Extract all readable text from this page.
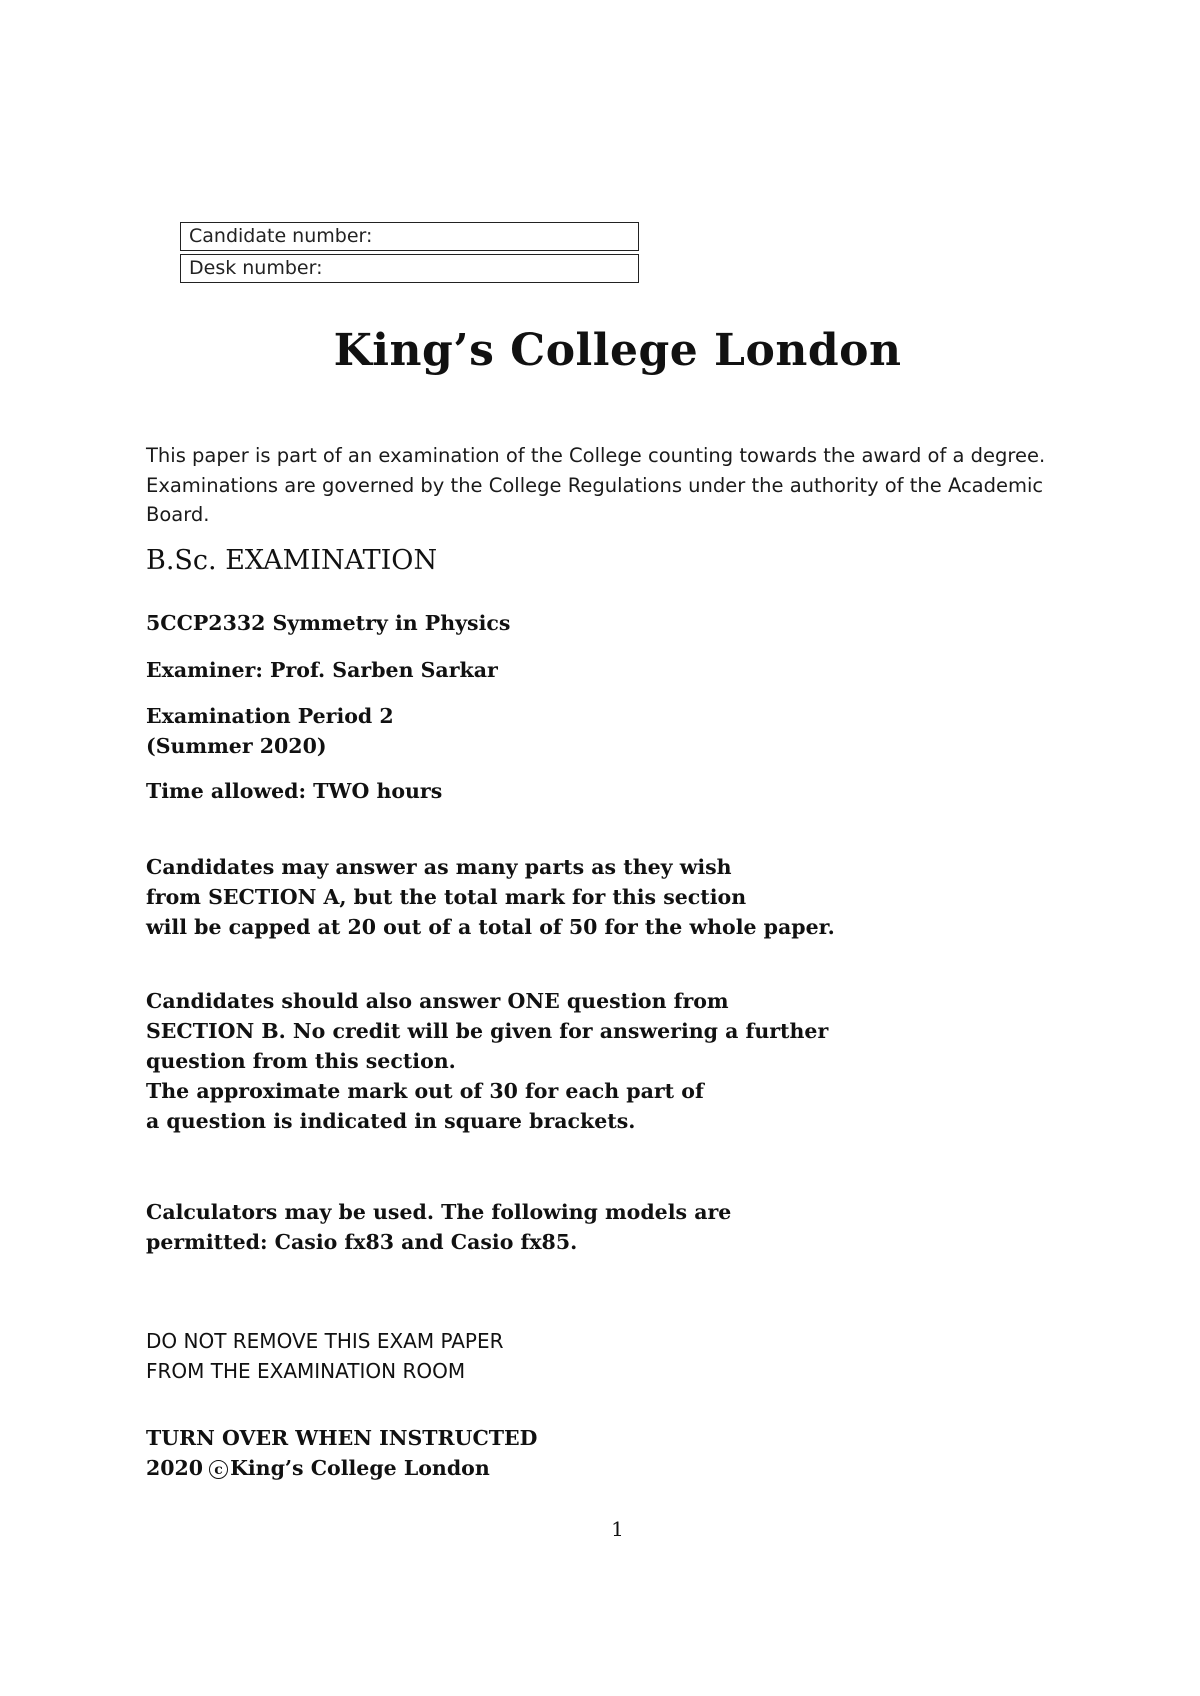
Candidate number:
Desk number:
King’s College London
This paper is part of an examination of the College counting towards the award of a degree.
Examinations are governed by the College Regulations under the authority of the Academic
Board.
B.Sc. EXAMINATION
5CCP2332 Symmetry in Physics
Examiner: Prof. Sarben Sarkar
Examination Period 2
(Summer 2020)
Time allowed: TWO hours
Candidates may answer as many parts as they wish
from SECTION A, but the total mark for this section
will be capped at 20 out of a total of 50 for the whole paper.
Candidates should also answer ONE question from
SECTION B. No credit will be given for answering a further
question from this section.
The approximate mark out of 30 for each part of
a question is indicated in square brackets.
Calculators may be used. The following models are
permitted: Casio fx83 and Casio fx85.
DO NOT REMOVE THIS EXAM PAPER
FROM THE EXAMINATION ROOM
TURN OVER WHEN INSTRUCTED
2020 c King’s College London
1
